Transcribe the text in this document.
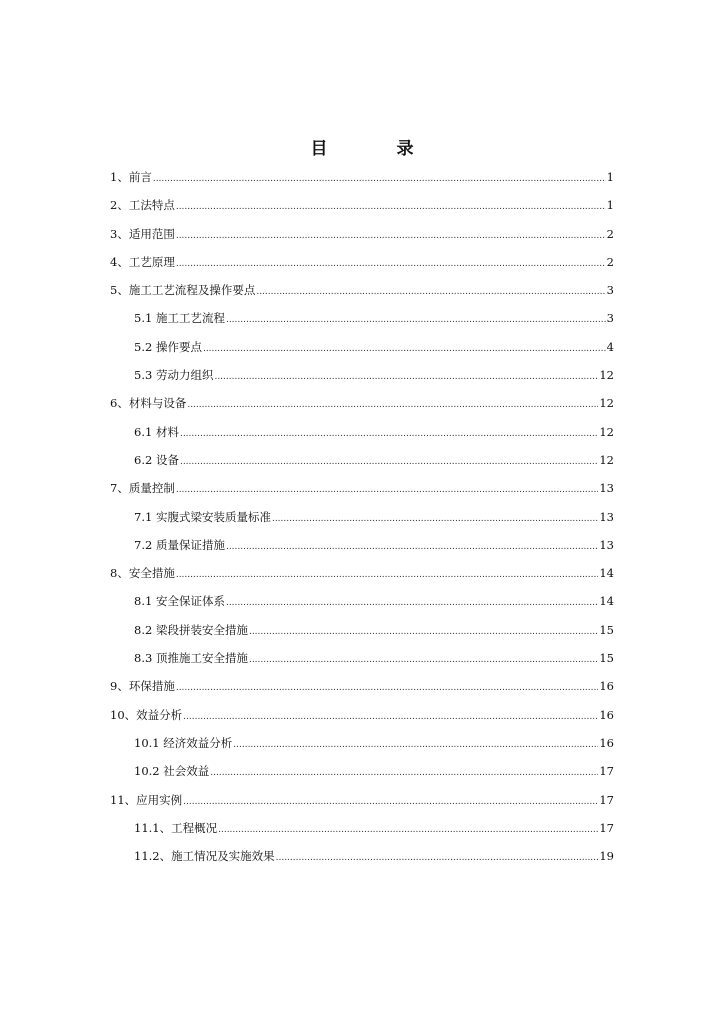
目　录
1、前言 .....	1
2、工法特点 .....	1
3、适用范围 .....	2
4、工艺原理 .....	2
5、施工工艺流程及操作要点 .....	3
5.1 施工工艺流程 .....	3
5.2 操作要点 .....	4
5.3 劳动力组织 .....	12
6、材料与设备 .....	12
6.1 材料 .....	12
6.2 设备 .....	12
7、质量控制 .....	13
7.1 实腹式梁安装质量标准 .....	13
7.2 质量保证措施 .....	13
8、安全措施 .....	14
8.1 安全保证体系 .....	14
8.2 梁段拼装安全措施 .....	15
8.3 顶推施工安全措施 .....	15
9、环保措施 .....	16
10、效益分析 .....	16
10.1 经济效益分析 .....	16
10.2 社会效益 .....	17
11、应用实例 .....	17
11.1、工程概况 .....	17
11.2、施工情况及实施效果 .....	19
